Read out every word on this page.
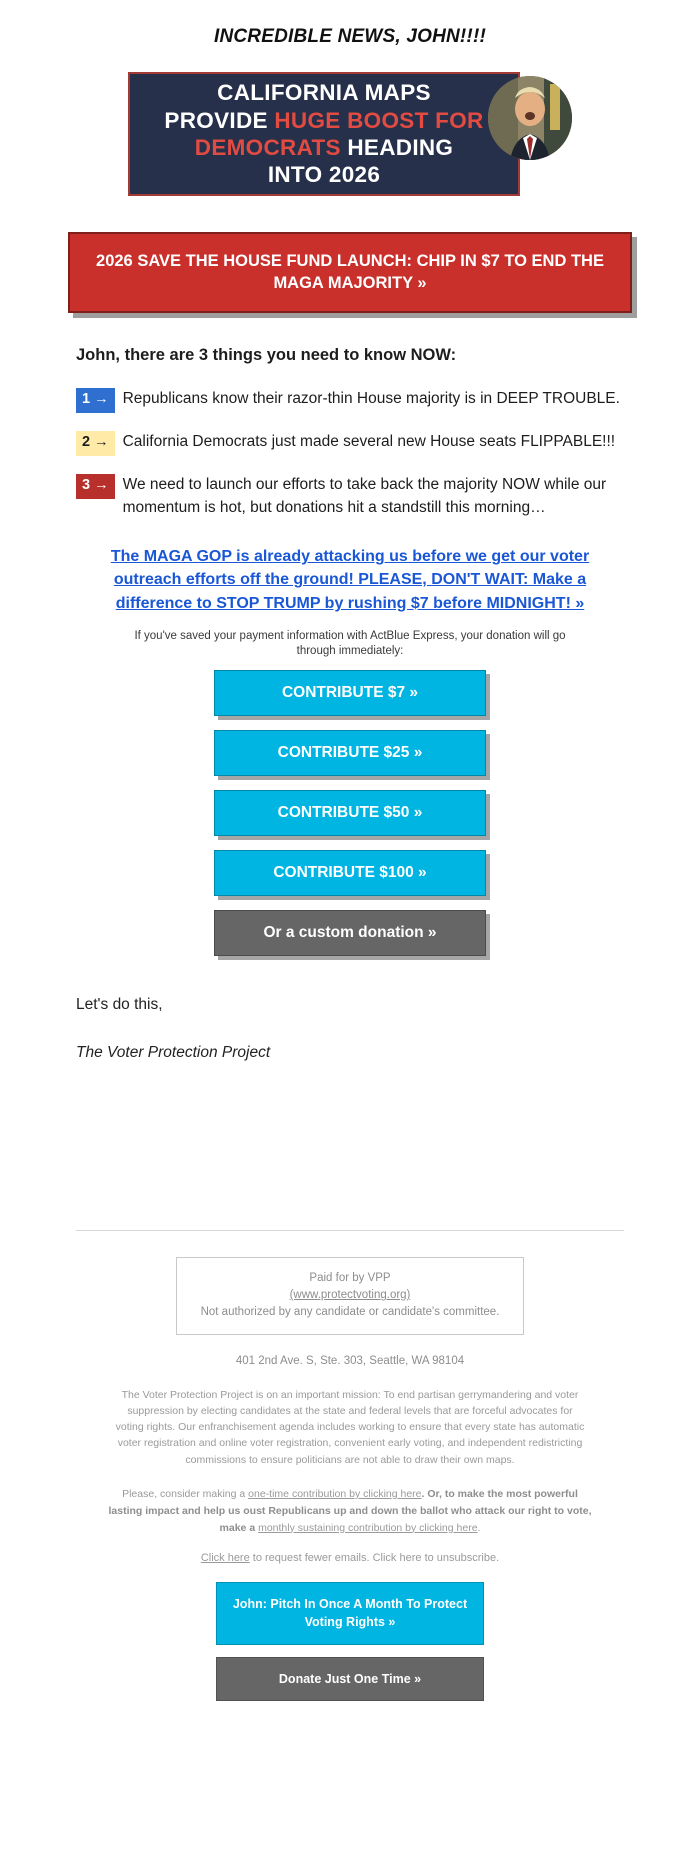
INCREDIBLE NEWS, JOHN!!!!
CALIFORNIA MAPS
PROVIDE HUGE BOOST FOR
DEMOCRATS HEADING
INTO 2026
2026 SAVE THE HOUSE FUND LAUNCH: CHIP IN $7 TO END THE MAGA MAJORITY »

John, there are 3 things you need to know NOW:

1 → Republicans know their razor-thin House majority is in DEEP TROUBLE.
2 → California Democrats just made several new House seats FLIPPABLE!!!
3 → We need to launch our efforts to take back the majority NOW while our momentum is hot, but donations hit a standstill this morning…
The MAGA GOP is already attacking us before we get our voter outreach efforts off the ground! PLEASE, DON'T WAIT: Make a difference to STOP TRUMP by rushing $7 before MIDNIGHT! »
If you've saved your payment information with ActBlue Express, your donation will go through immediately:
CONTRIBUTE $7 »
CONTRIBUTE $25 »
CONTRIBUTE $50 »
CONTRIBUTE $100 »
Or a custom donation »
Let's do this,
The Voter Protection Project
Paid for by VPP
(www.protectvoting.org)
Not authorized by any candidate or candidate's committee.
401 2nd Ave. S, Ste. 303, Seattle, WA 98104
The Voter Protection Project is on an important mission: To end partisan gerrymandering and voter suppression by electing candidates at the state and federal levels that are forceful advocates for voting rights. Our enfranchisement agenda includes working to ensure that every state has automatic voter registration and online voter registration, convenient early voting, and independent redistricting commissions to ensure politicians are not able to draw their own maps.
Please, consider making a one-time contribution by clicking here. Or, to make the most powerful lasting impact and help us oust Republicans up and down the ballot who attack our right to vote, make a monthly sustaining contribution by clicking here.
Click here to request fewer emails. Click here to unsubscribe.
John: Pitch In Once A Month To Protect Voting Rights »
Donate Just One Time »
